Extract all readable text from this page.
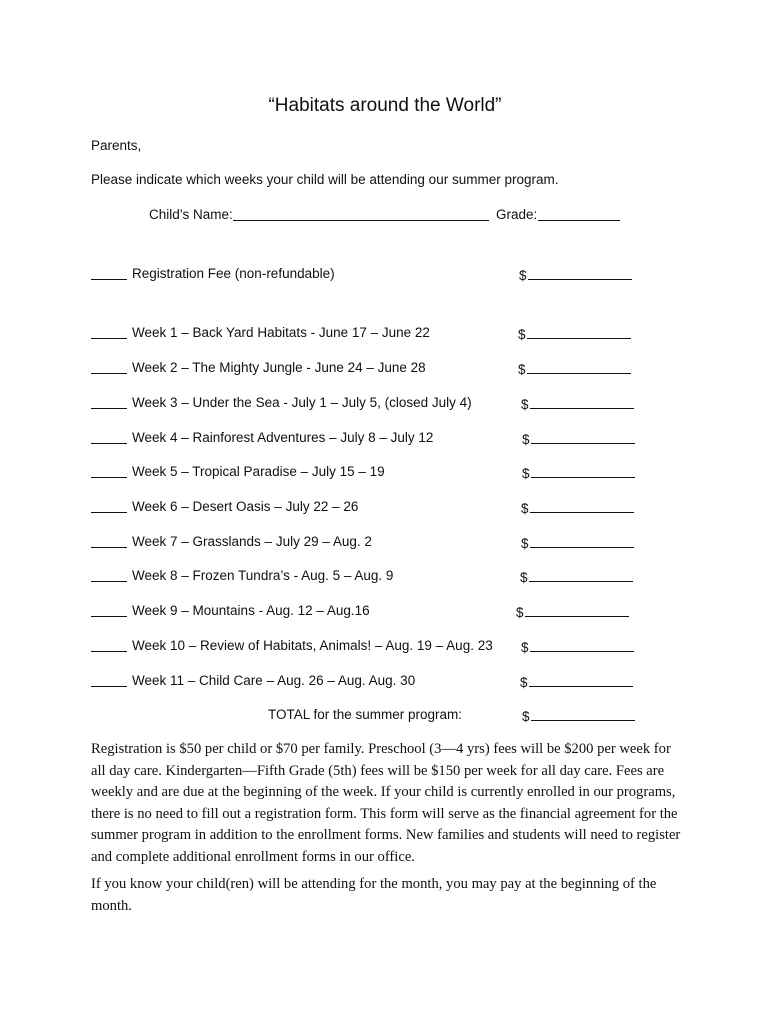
“Habitats around the World”
Parents,
Please indicate which weeks your child will be attending our summer program.
Child’s Name:	Grade:
Registration Fee (non-refundable)	$
Week 1 – Back Yard Habitats - June 17 – June 22	$
Week 2 – The Mighty Jungle - June 24 – June 28	$
Week 3 – Under the Sea - July 1 – July 5, (closed July 4)	$
Week 4 – Rainforest Adventures – July 8 – July 12	$
Week 5 – Tropical Paradise – July 15 – 19	$
Week 6 – Desert Oasis – July 22 – 26	$
Week 7 – Grasslands – July 29 – Aug. 2	$
Week 8 – Frozen Tundra’s - Aug. 5 – Aug. 9	$
Week 9 – Mountains - Aug. 12 – Aug.16	$
Week 10 – Review of Habitats, Animals! – Aug. 19 – Aug. 23 $
Week 11 – Child Care – Aug. 26 – Aug. Aug. 30	$
TOTAL for the summer program:	$
Registration is $50 per child or $70 per family. Preschool (3—4 yrs) fees will be $200 per week for all day care. Kindergarten—Fifth Grade (5th) fees will be $150 per week for all day care. Fees are weekly and are due at the beginning of the week. If your child is currently enrolled in our programs, there is no need to fill out a registration form. This form will serve as the financial agreement for the summer program in addition to the enrollment forms. New families and students will need to register and complete additional enrollment forms in our office.
If you know your child(ren) will be attending for the month, you may pay at the beginning of the month.
